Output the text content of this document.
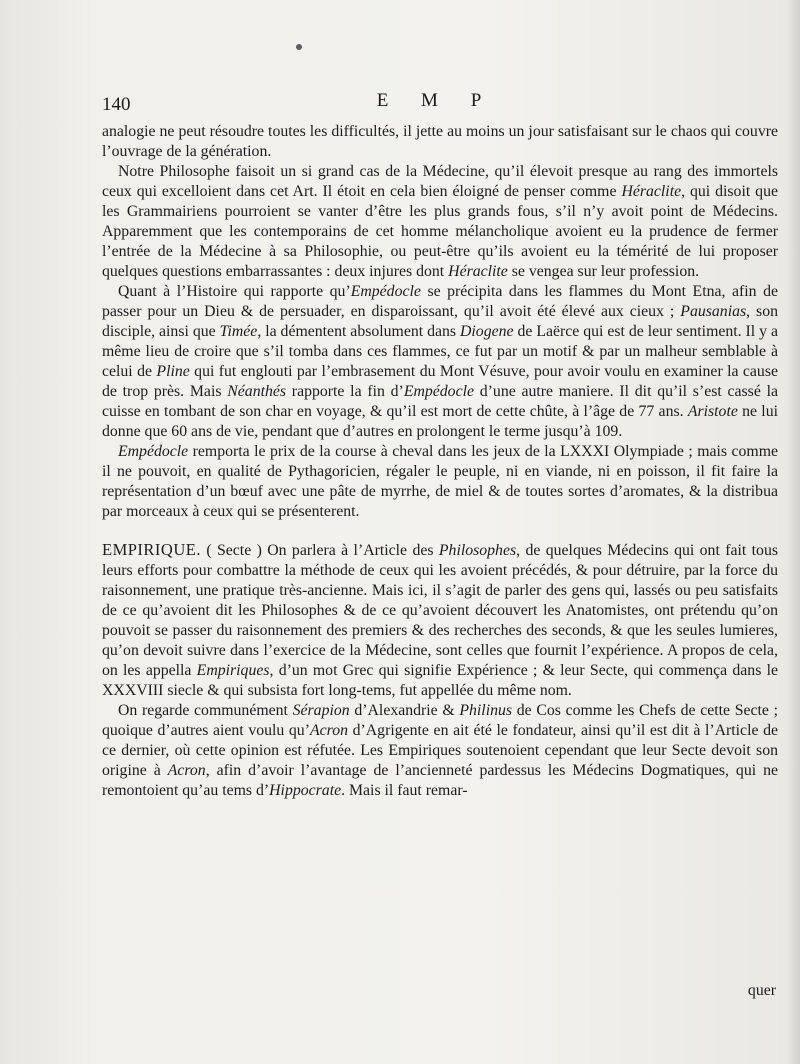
140	E M P

analogie ne peut résoudre toutes les difficultés, il jette au moins un jour satisfaisant sur le chaos qui couvre l’ouvrage de la génération.

Notre Philosophe faisoit un si grand cas de la Médecine, qu’il élevoit presque au rang des immortels ceux qui excelloient dans cet Art. Il étoit en cela bien éloigné de penser comme Héraclite, qui disoit que les Grammairiens pourroient se vanter d’être les plus grands fous, s’il n’y avoit point de Médecins. Apparemment que les contemporains de cet homme mélancholique avoient eu la prudence de fermer l’entrée de la Médecine à sa Philosophie, ou peut-être qu’ils avoient eu la témérité de lui proposer quelques questions embarrassantes : deux injures dont Héraclite se vengea sur leur profession.

Quant à l’Histoire qui rapporte qu’Empédocle se précipita dans les flammes du Mont Etna, afin de passer pour un Dieu & de persuader, en disparoissant, qu’il avoit été élevé aux cieux ; Pausanias, son disciple, ainsi que Timée, la démentent absolument dans Diogene de Laërce qui est de leur sentiment. Il y a même lieu de croire que s’il tomba dans ces flammes, ce fut par un motif & par un malheur semblable à celui de Pline qui fut englouti par l’embrasement du Mont Vésuve, pour avoir voulu en examiner la cause de trop près. Mais Néanthés rapporte la fin d’Empédocle d’une autre maniere. Il dit qu’il s’est cassé la cuisse en tombant de son char en voyage, & qu’il est mort de cette chûte, à l’âge de 77 ans. Aristote ne lui donne que 60 ans de vie, pendant que d’autres en prolongent le terme jusqu’à 109.

Empédocle remporta le prix de la course à cheval dans les jeux de la LXXXI Olympiade ; mais comme il ne pouvoit, en qualité de Pythagoricien, régaler le peuple, ni en viande, ni en poisson, il fit faire la représentation d’un bœuf avec une pâte de myrrhe, de miel & de toutes sortes d’aromates, & la distribua par morceaux à ceux qui se présenterent.

EMPIRIQUE. ( Secte ) On parlera à l’Article des Philosophes, de quelques Médecins qui ont fait tous leurs efforts pour combattre la méthode de ceux qui les avoient précédés, & pour détruire, par la force du raisonnement, une pratique très-ancienne. Mais ici, il s’agit de parler des gens qui, lassés ou peu satisfaits de ce qu’avoient dit les Philosophes & de ce qu’avoient découvert les Anatomistes, ont prétendu qu’on pouvoit se passer du raisonnement des premiers & des recherches des seconds, & que les seules lumieres, qu’on devoit suivre dans l’exercice de la Médecine, sont celles que fournit l’expérience. A propos de cela, on les appella Empiriques, d’un mot Grec qui signifie Expérience ; & leur Secte, qui commença dans le XXXVIII siecle & qui subsista fort long-tems, fut appellée du même nom.

On regarde communément Sérapion d’Alexandrie & Philinus de Cos comme les Chefs de cette Secte ; quoique d’autres aient voulu qu’Acron d’Agrigente en ait été le fondateur, ainsi qu’il est dit à l’Article de ce dernier, où cette opinion est réfutée. Les Empiriques soutenoient cependant que leur Secte devoit son origine à Acron, afin d’avoir l’avantage de l’ancienneté pardessus les Médecins Dogmatiques, qui ne remontoient qu’au tems d’Hippocrate. Mais il faut remar-

quer
